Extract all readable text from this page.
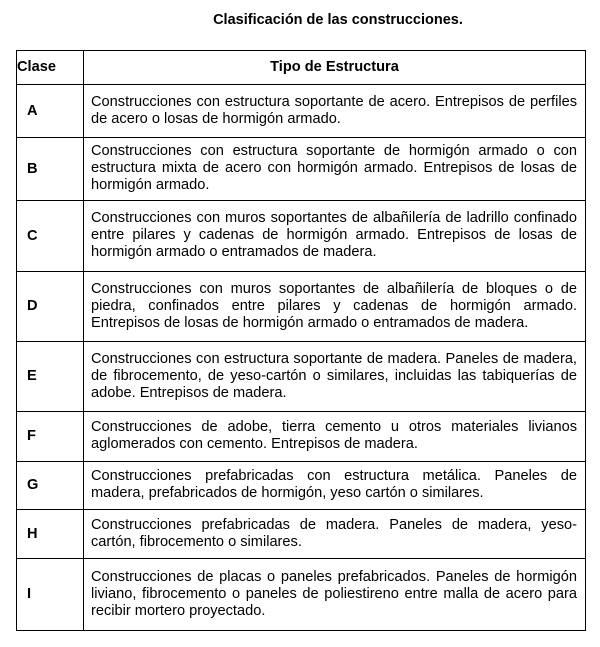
Clasificación de las construcciones.
Clase	Tipo de Estructura
A	Construcciones con estructura soportante de acero. Entrepisos de perfiles de acero o losas de hormigón armado.
B	Construcciones con estructura soportante de hormigón armado o con estructura mixta de acero con hormigón armado. Entrepisos de losas de hormigón armado.
C	Construcciones con muros soportantes de albañilería de ladrillo confinado entre pilares y cadenas de hormigón armado. Entrepisos de losas de hormigón armado o entramados de madera.
D	Construcciones con muros soportantes de albañilería de bloques o de piedra, confinados entre pilares y cadenas de hormigón armado. Entrepisos de losas de hormigón armado o entramados de madera.
E	Construcciones con estructura soportante de madera. Paneles de madera, de fibrocemento, de yeso-cartón o similares, incluidas las tabiquerías de adobe. Entrepisos de madera.
F	Construcciones de adobe, tierra cemento u otros materiales livianos aglomerados con cemento. Entrepisos de madera.
G	Construcciones prefabricadas con estructura metálica. Paneles de madera, prefabricados de hormigón, yeso cartón o similares.
H	Construcciones prefabricadas de madera. Paneles de madera, yeso-cartón, fibrocemento o similares.
I	Construcciones de placas o paneles prefabricados. Paneles de hormigón liviano, fibrocemento o paneles de poliestireno entre malla de acero para recibir mortero proyectado.
